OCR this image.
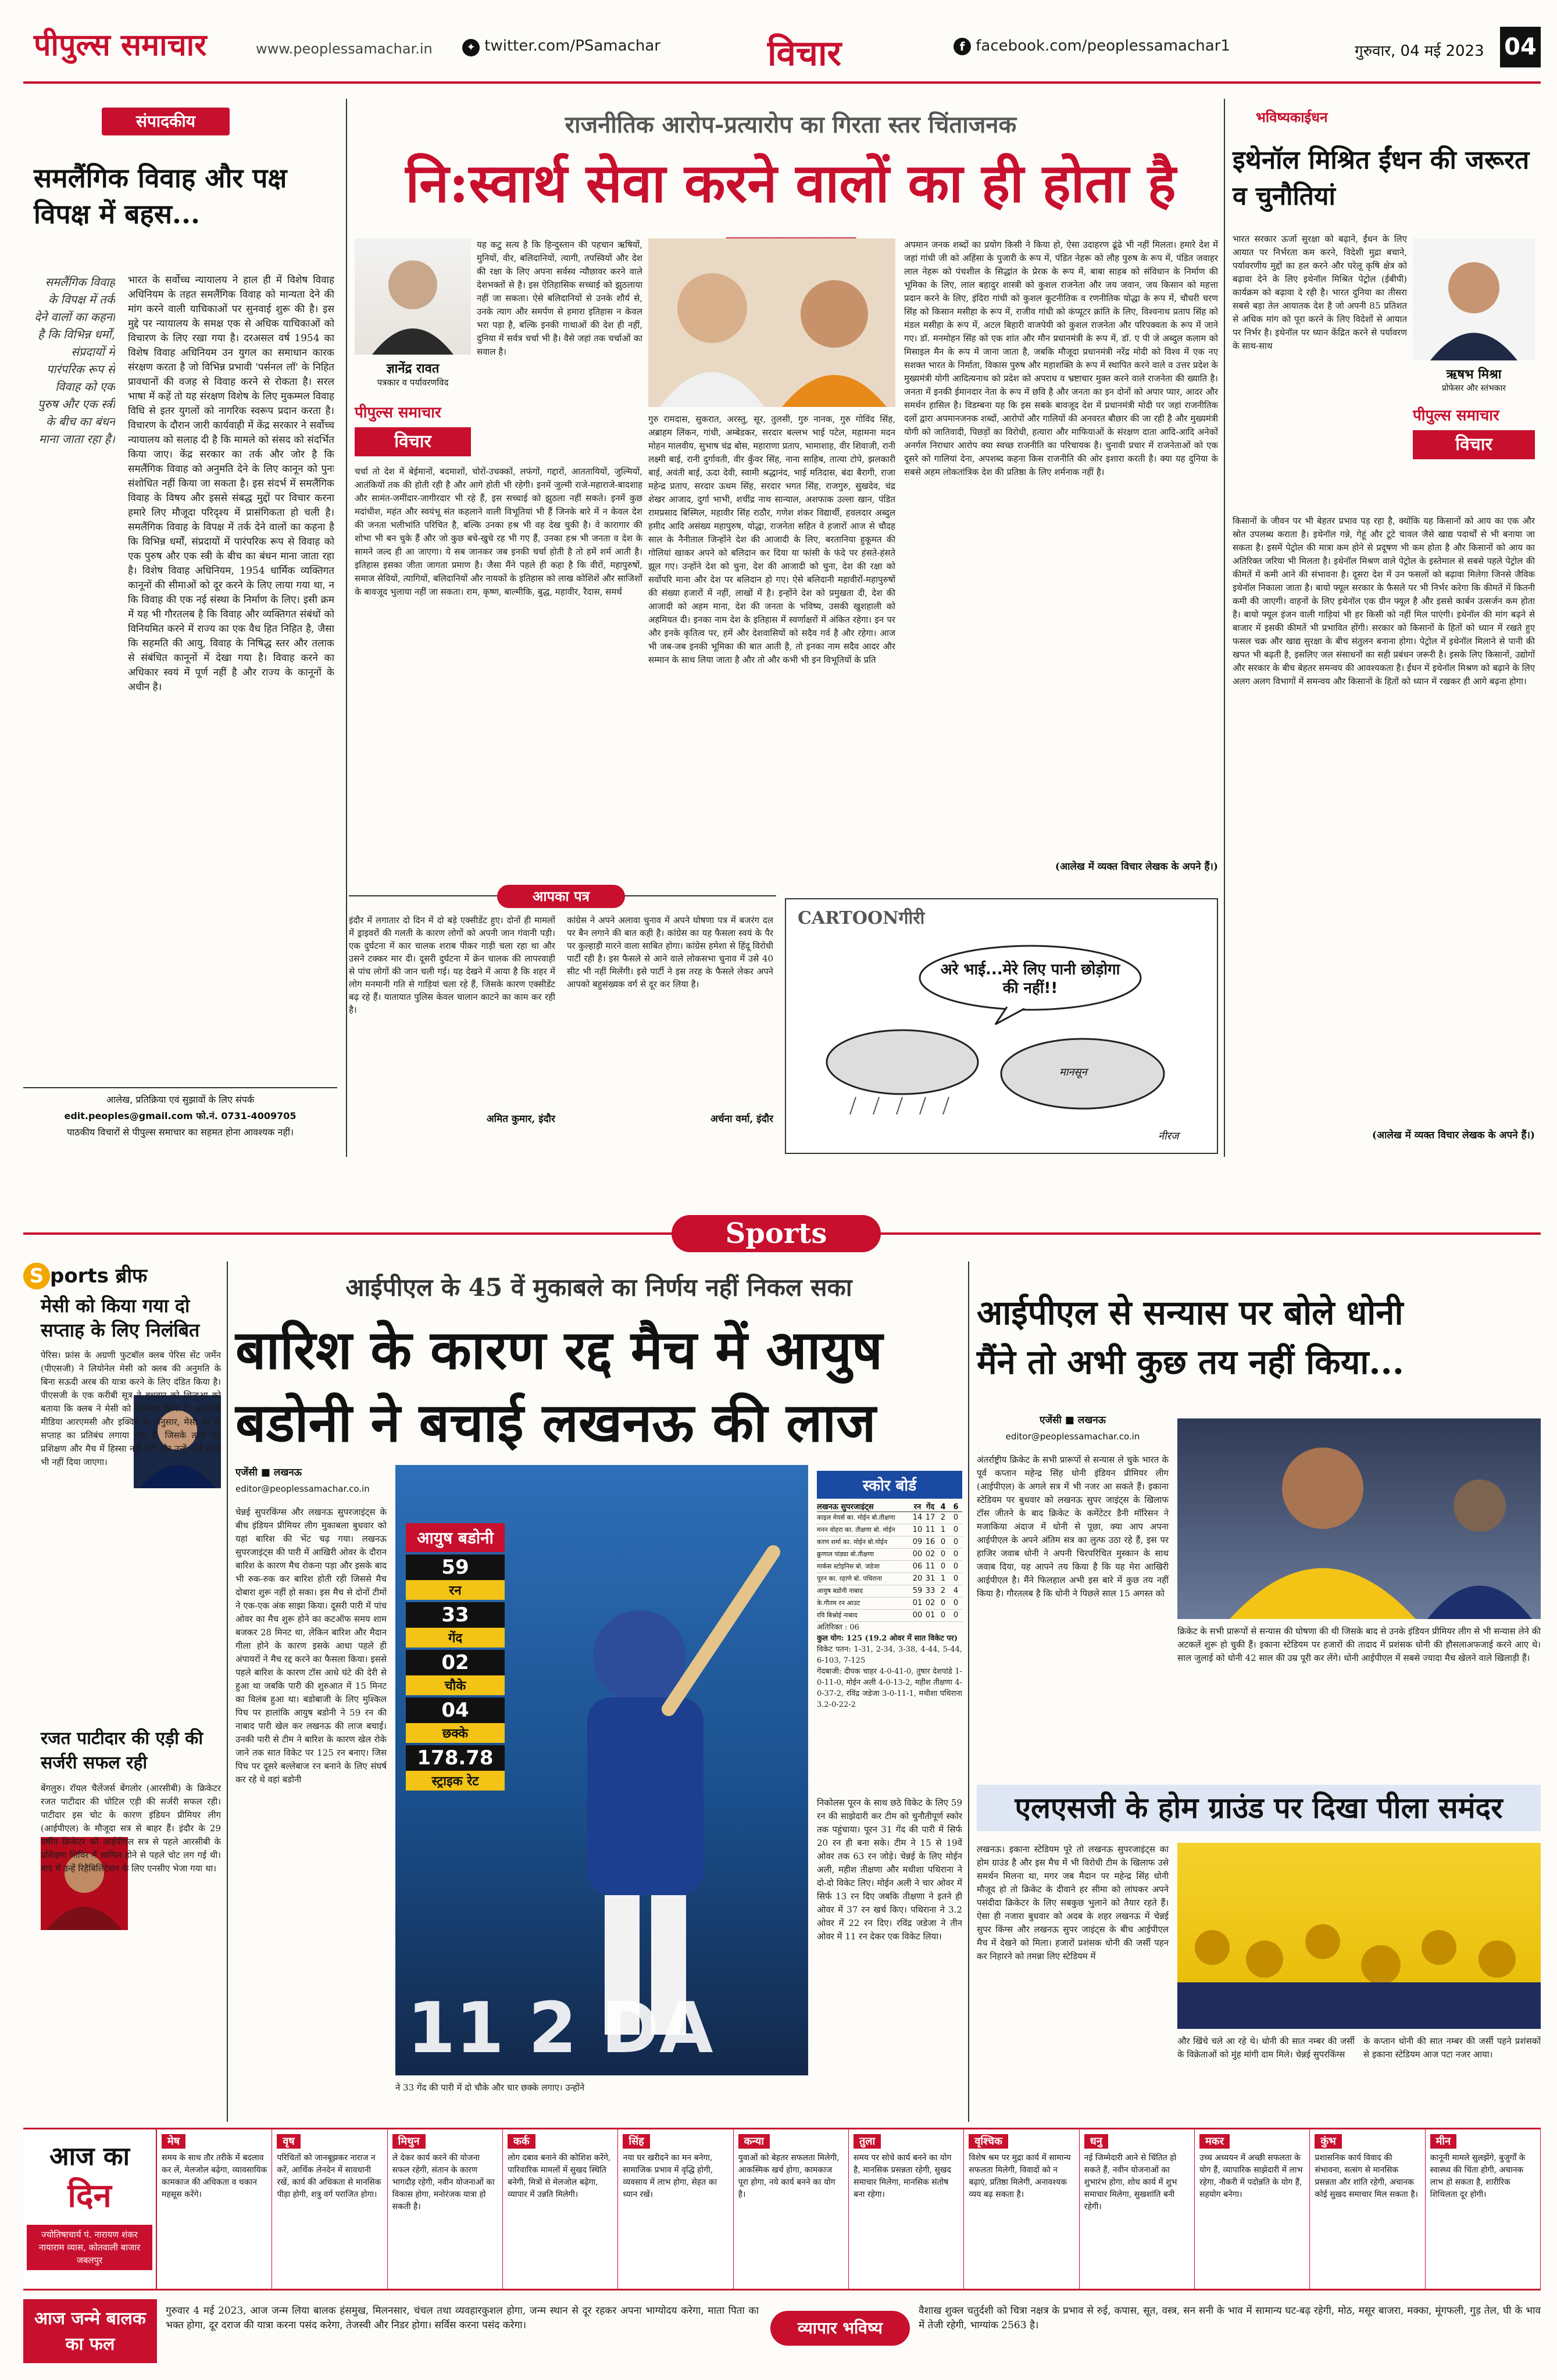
पीपुल्स समाचार	www.peoplessamachar.in	✦ twitter.com/PSamachar	विचार	f facebook.com/peoplessamachar1	गुरुवार, 04 मई 2023 04
संपादकीय
समलैंगिक विवाह और पक्ष विपक्ष में बहस...
समलैंगिक विवाह के विपक्ष में तर्क देने वालों का कहना है कि विभिन्न धर्मों, संप्रदायों में पारंपरिक रूप से विवाह को एक पुरुष और एक स्त्री के बीच का बंधन माना जाता रहा है।
भारत के सर्वोच्च न्यायालय ने हाल ही में विशेष विवाह अधिनियम के तहत समलैंगिक विवाह को मान्यता देने की मांग करने वाली याचिकाओं पर सुनवाई शुरू की है। इस मुद्दे पर न्यायालय के समक्ष एक से अधिक याचिकाओं को विचारण के लिए रखा गया है। दरअसल वर्ष 1954 का विशेष विवाह अधिनियम उन युगल का समाधान कारक संरक्षण करता है जो विभिन्न प्रभावी 'पर्सनल लॉ' के निहित प्रावधानों की वजह से विवाह करने से रोकता है। सरल भाषा में कहें तो यह संरक्षण विशेष के लिए मुकम्मल विवाह विधि से इतर युगलों को नागरिक स्वरूप प्रदान करता है। विचारण के दौरान जारी कार्यवाही में केंद्र सरकार ने सर्वोच्च न्यायालय को सलाह दी है कि मामले को संसद को संदर्भित किया जाए। केंद्र सरकार का तर्क और जोर है कि समलैंगिक विवाह को अनुमति देने के लिए कानून को पुनः संशोधित नहीं किया जा सकता है। इस संदर्भ में समलैंगिक विवाह के विषय और इससे संबद्ध मुद्दों पर विचार करना हमारे लिए मौजूदा परिदृश्य में प्रासंगिकता हो चली है। समलैंगिक विवाह के विपक्ष में तर्क देने वालों का कहना है कि विभिन्न धर्मों, संप्रदायों में पारंपरिक रूप से विवाह को एक पुरुष और एक स्त्री के बीच का बंधन माना जाता रहा है। विशेष विवाह अधिनियम, 1954 धार्मिक व्यक्तिगत कानूनों की सीमाओं को दूर करने के लिए लाया गया था, न कि विवाह की एक नई संस्था के निर्माण के लिए। इसी क्रम में यह भी गौरतलब है कि विवाह और व्यक्तिगत संबंधों को विनियमित करने में राज्य का एक वैध हित निहित है, जैसा कि सहमति की आयु, विवाह के निषिद्ध स्तर और तलाक से संबंधित कानूनों में देखा गया है। विवाह करने का अधिकार स्वयं में पूर्ण नहीं है और राज्य के कानूनों के अधीन है।
आलेख, प्रतिक्रिया एवं सुझावों के लिए संपर्क
edit.peoples@gmail.com फो.नं. 0731-4009705
पाठकीय विचारों से पीपुल्स समाचार का सहमत होना आवश्यक नहीं।
राजनीतिक आरोप-प्रत्यारोप का गिरता स्तर चिंताजनक
नि:स्वार्थ सेवा करने वालों का ही होता है
ज्ञानेंद्र रावत
पत्रकार व पर्यावरणविद
पीपुल्स समाचार
विचार
यह कटु सत्य है कि हिन्दुस्तान की पहचान ऋषियों, मुनियों, वीर, बलिदानियों, त्यागी, तपस्वियों और देश की रक्षा के लिए अपना सर्वस्व न्यौछावर करने वाले देशभक्तों से है। इस ऐतिहासिक सच्चाई को झुठलाया नहीं जा सकता। ऐसे बलिदानियों से उनके शौर्य से, उनके त्याग और समर्पण से हमारा इतिहास न केवल भरा पड़ा है, बल्कि इनकी गाथाओं की देश ही नहीं, दुनिया में सर्वत्र चर्चा भी है। वैसे जहां तक चर्चाओं का सवाल है।
चर्चा तो देश में बेईमानों, बदमाशों, चोरों-उचक्कों, लफंगों, गद्दारों, आततायियों, जुल्मियों, आतंकियों तक की होती रही है और आगे होती भी रहेगी। इनमें जुल्मी राजे-महाराजे-बादशाह और सामंत-जमींदार-जागीरदार भी रहे हैं, इस सच्चाई को झुठला नहीं सकते। इनमें कुछ मदांधीश, महंत और स्वयंभू संत कहलाने वाली विभूतियां भी हैं जिनके बारे में न केवल देश की जनता भलीभांति परिचित है, बल्कि उनका हश्र भी वह देख चुकी है। वे कारागार की शोभा भी बन चुके हैं और जो कुछ बचे-खुचे रह भी गए हैं, उनका हश्र भी जनता व देश के सामने जल्द ही आ जाएगा। ये सब जानकर जब इनकी चर्चा होती है तो हमें शर्म आती है। इतिहास इसका जीता जागता प्रमाण है। जैसा मैंने पहले ही कहा है कि वीरों, महापुरुषों, समाज सेवियों, त्यागियों, बलिदानियों और नायकों के इतिहास को लाख कोशिशें और साजिशों के बावजूद भुलाया नहीं जा सकता। राम, कृष्ण, बाल्मीकि, बुद्ध, महावीर, रैदास, समर्थ
गुरु रामदास, सुकरात, अरस्तु, सूर, तुलसी, गुरु नानक, गुरु गोविंद सिंह, अब्राहम लिंकन, गांधी, अम्बेडकर, सरदार बल्लभ भाई पटेल, महामना मदन मोहन मालवीय, सुभाष चंद्र बोस, महाराणा प्रताप, भामाशाह, वीर शिवाजी, रानी लक्ष्मी बाई, रानी दुर्गावती, वीर कुँवर सिंह, नाना साहिब, तात्या टोपे, झलकारी बाई, अवंती बाई, ऊदा देवी, स्वामी श्रद्धानंद, भाई मतिदास, बंदा बैरागी, राजा महेन्द्र प्रताप, सरदार ऊधम सिंह, सरदार भगत सिंह, राजगुरु, सुखदेव, चंद्र शेखर आजाद, दुर्गा भाभी, शचींद्र नाथ सान्याल, अशफाक उल्ला खान, पंडित रामप्रसाद बिस्मिल, महावीर सिंह राठौर, गणेश शंकर विद्यार्थी, हवलदार अब्दुल हमीद आदि असंख्य महापुरुष, योद्धा, राजनेता सहित वे हजारों आज से चौदह साल के नैनीताल जिन्होंने देश की आजादी के लिए, बरतानिया हुकूमत की गोलियां खाकर अपने को बलिदान कर दिया या फांसी के फंदे पर हंसते-हंसते झूल गए। उन्होंने देश को चुना, देश की आजादी को चुना, देश की रक्षा को सर्वोपरि माना और देश पर बलिदान हो गए। ऐसे बलिदानी महावीरों-महापुरुषों की संख्या हजारों में नहीं, लाखों में है। इन्होंने देश को प्रमुखता दी, देश की आजादी को अहम माना, देश की जनता के भविष्य, उसकी खुशहाली को अहमियत दी। इनका नाम देश के इतिहास में स्वर्णाक्षरों में अंकित रहेगा। इन पर और इनके कृतित्व पर, हमें और देशवासियों को सदैव गर्व है और रहेगा। आज भी जब-जब इनकी भूमिका की बात आती है, तो इनका नाम सदैव आदर और सम्मान के साथ लिया जाता है और तो और कभी भी इन विभूतियों के प्रति
अपमान जनक शब्दों का प्रयोग किसी ने किया हो, ऐसा उदाहरण ढूंढे भी नहीं मिलता। हमारे देश में जहां गांधी जी को अहिंसा के पुजारी के रूप में, पंडित नेहरू को लौह पुरुष के रूप में, पंडित जवाहर लाल नेहरू को पंचशील के सिद्धांत के प्रेरक के रूप में, बाबा साहब को संविधान के निर्माण की भूमिका के लिए, लाल बहादुर शास्त्री को कुशल राजनेता और जय जवान, जय किसान को महत्ता प्रदान करने के लिए, इंदिरा गांधी को कुशल कूटनीतिक व रणनीतिक योद्धा के रूप में, चौधरी चरण सिंह को किसान मसीहा के रूप में, राजीव गांधी को कंप्यूटर क्रांति के लिए, विश्वनाथ प्रताप सिंह को मंडल मसीहा के रूप में, अटल बिहारी वाजपेयी को कुशल राजनेता और परिपक्वता के रूप में जाने गए। डॉ. मनमोहन सिंह को एक शांत और मौन प्रधानमंत्री के रूप में, डॉ. ए पी जे अब्दुल कलाम को मिसाइल मैन के रूप में जाना जाता है, जबकि मौजूदा प्रधानमंत्री नरेंद्र मोदी को विश्व में एक नए सशक्त भारत के निर्माता, विकास पुरुष और महाशक्ति के रूप में स्थापित करने वाले व उत्तर प्रदेश के मुख्यमंत्री योगी आदित्यनाथ को प्रदेश को अपराध व भ्रष्टाचार मुक्त करने वाले राजनेता की ख्याति है। जनता में इनकी ईमानदार नेता के रूप में छवि है और जनता का इन दोनों को अपार प्यार, आदर और समर्थन हासिल है। विडम्बना यह कि इस सबके बावजूद देश में प्रधानमंत्री मोदी पर जहां राजनीतिक दलों द्वारा अपमानजनक शब्दों, आरोपों और गालियों की अनवरत बौछार की जा रही है और मुख्यमंत्री योगी को जातिवादी, पिछड़ों का विरोधी, हत्यारा और माफियाओं के संरक्षण दाता आदि-आदि अनेकों अनर्गल निराधार आरोप क्या स्वच्छ राजनीति का परिचायक है। चुनावी प्रचार में राजनेताओं को एक दूसरे को गालियां देना, अपशब्द कहना किस राजनीति की ओर इशारा करती है। क्या यह दुनिया के सबसे अहम लोकतांत्रिक देश की प्रतिष्ठा के लिए शर्मनाक नहीं है।
(आलेख में व्यक्त विचार लेखक के अपने हैं।)
भविष्यकाईधन
इथेनॉल मिश्रित ईंधन की जरूरत व चुनौतियां
भारत सरकार ऊर्जा सुरक्षा को बढ़ाने, ईंधन के लिए आयात पर निर्भरता कम करने, विदेशी मुद्रा बचाने, पर्यावरणीय मुद्दों का हल करने और घरेलू कृषि क्षेत्र को बढ़ावा देने के लिए इथेनॉल मिश्रित पेट्रोल (ईबीपी) कार्यक्रम को बढ़ावा दे रही है। भारत दुनिया का तीसरा सबसे बड़ा तेल आयातक देश है जो अपनी 85 प्रतिशत से अधिक मांग को पूरा करने के लिए विदेशों से आयात पर निर्भर है। इथेनॉल पर ध्यान केंद्रित करने से पर्यावरण के साथ-साथ
ऋषभ मिश्रा
प्रोफेसर और स्तंभकार
पीपुल्स समाचार
विचार
किसानों के जीवन पर भी बेहतर प्रभाव पड़ रहा है, क्योंकि यह किसानों को आय का एक और स्रोत उपलब्ध कराता है। इथेनॉल गन्ने, गेहूं और टूटे चावल जैसे खाद्य पदार्थों से भी बनाया जा सकता है। इसमें पेट्रोल की मात्रा कम होने से प्रदूषण भी कम होता है और किसानों को आय का अतिरिक्त जरिया भी मिलता है। इथेनॉल मिश्रण वाले पेट्रोल के इस्तेमाल से सबसे पहले पेट्रोल की कीमतें में कमी आने की संभावना है। दूसरा देश में उन फसलों को बढ़ावा मिलेगा जिनसे जैविक इथेनॉल निकाला जाता है। बायो फ्यूल सरकार के फैसले पर भी निर्भर करेगा कि कीमतें में कितनी कमी की जाएगी। वाहनों के लिए इथेनॉल एक ग्रीन फ्यूल है और इससे कार्बन उत्सर्जन कम होता है। बायो फ्यूल इंजन वाली गाड़ियां भी हर किसी को नहीं मिल पाएंगी। इथेनॉल की मांग बढ़ने से बाजार में इसकी कीमतें भी प्रभावित होंगी। सरकार को किसानों के हितों को ध्यान में रखते हुए फसल चक्र और खाद्य सुरक्षा के बीच संतुलन बनाना होगा। पेट्रोल में इथेनॉल मिलाने से पानी की खपत भी बढ़ती है, इसलिए जल संसाधनों का सही प्रबंधन जरूरी है। इसके लिए किसानों, उद्योगों और सरकार के बीच बेहतर समन्वय की आवश्यकता है। ईंधन में इथेनॉल मिश्रण को बढ़ाने के लिए अलग अलग विभागों में समन्वय और किसानों के हितों को ध्यान में रखकर ही आगे बढ़ना होगा।
(आलेख में व्यक्त विचार लेखक के अपने हैं।)
आपका पत्र
इंदौर में लगातार दो दिन में दो बड़े एक्सीडेंट हुए। दोनों ही मामलों में ड्राइवरों की गलती के कारण लोगों को अपनी जान गंवानी पड़ी। एक दुर्घटना में कार चालक शराब पीकर गाड़ी चला रहा था और उसने टक्कर मार दी। दूसरी दुर्घटना में क्रेन चालक की लापरवाही से पांच लोगों की जान चली गई। यह देखने में आया है कि शहर में लोग मनमानी गति से गाड़ियां चला रहे हैं, जिसके कारण एक्सीडेंट बढ़ रहे हैं। यातायात पुलिस केवल चालान काटने का काम कर रही है।
अमित कुमार, इंदौर
कांग्रेस ने अपने अलावा चुनाव में अपने घोषणा पत्र में बजरंग दल पर बैन लगाने की बात कही है। कांग्रेस का यह फैसला स्वयं के पैर पर कुल्हाड़ी मारने वाला साबित होगा। कांग्रेस हमेशा से हिंदू विरोधी पार्टी रही है। इस फैसले से आने वाले लोकसभा चुनाव में उसे 40 सीट भी नहीं मिलेंगी। इसे पार्टी ने इस तरह के फैसले लेकर अपने आपको बहुसंख्यक वर्ग से दूर कर लिया है।
अर्चना वर्मा, इंदौर
CARTOONगीरी
अरे भाई...मेरे लिए पानी छोड़ोगा की नहीं!!
मानसून
नीरज
Sports
S ports ब्रीफ
मेसी को किया गया दो सप्ताह के लिए निलंबित
पेरिस। फ्रांस के अग्रणी फुटबॉल क्लब पेरिस सेंट जर्मेन (पीएसजी) ने लियोनेल मेसी को क्लब की अनुमति के बिना सऊदी अरब की यात्रा करने के लिए दंडित किया है। पीएसजी के एक करीबी सूत्र ने बुधवार को शिन्हुआ को बताया कि क्लब ने मेसी को निलंबित किया है। फ्रांसीसी मीडिया आरएमसी और इक्विप के अनुसार, मेसी पर दो सप्ताह का प्रतिबंध लगाया गया है, जिसके तहत वह प्रशिक्षण और मैच में हिस्सा नहीं लेंगे और उन्हें कोई वेतन भी नहीं दिया जाएगा।
रजत पाटीदार की एड़ी की सर्जरी सफल रही
बेंगलुरु। रॉयल चैलेंजर्स बेंगलोर (आरसीबी) के क्रिकेटर रजत पाटीदार की चोटिल एड़ी की सर्जरी सफल रही। पाटीदार इस चोट के कारण इंडियन प्रीमियर लीग (आईपीएल) के मौजूदा सत्र से बाहर हैं। इंदौर के 29 वर्षीय क्रिकेटर को आईपीएल सत्र से पहले आरसीबी के प्रशिक्षण शिविर में शामिल होने से पहले चोट लग गई थी। बाद में उन्हें रिहैबिलिटेशन के लिए एनसीए भेजा गया था।
आईपीएल के 45 वें मुकाबले का निर्णय नहीं निकल सका
बारिश के कारण रद्द मैच में आयुष बडोनी ने बचाई लखनऊ की लाज
एजेंसी ■ लखनऊ
editor@peoplessamachar.co.in
चेन्नई सुपरकिंग्स और लखनऊ सुपरजाइंट्स के बीच इंडियन प्रीमियर लीग मुकाबला बुधवार को यहां बारिश की भेंट चढ़ गया। लखनऊ सुपरजाइंट्स की पारी में आखिरी ओवर के दौरान बारिश के कारण मैच रोकना पड़ा और इसके बाद भी रुक-रुक कर बारिश होती रही जिससे मैच दोबारा शुरू नहीं हो सका। इस मैच से दोनों टीमों ने एक-एक अंक साझा किया। दूसरी पारी में पांच ओवर का मैच शुरू होने का कटऑफ समय शाम बजकर 28 मिनट था, लेकिन बारिश और मैदान गीला होने के कारण इसके आधा पहले ही अंपायरों ने मैच रद्द करने का फैसला किया। इससे पहले बारिश के कारण टॉस आधे घंटे की देरी से हुआ था जबकि पारी की शुरुआत में 15 मिनट का विलंब हुआ था। बडोबाजी के लिए मुश्किल पिच पर हालांकि आयुष बडोनी ने 59 रन की नाबाद पारी खेल कर लखनऊ की लाज बचाई। उनकी पारी से टीम ने बारिश के कारण खेल रोके जाने तक सात विकेट पर 125 रन बनाए। जिस पिच पर दूसरे बल्लेबाज रन बनाने के लिए संघर्ष कर रहे थे वहां बडोनी
11 2 DA
आयुष बडोनी
59
रन
33
गेंद
02
चौके
04
छक्के
178.78
स्ट्राइक रेट
ने 33 गेंद की पारी में दो चौके और चार छक्के लगाए। उन्होंने
स्कोर बोर्ड
लखनऊ सुपरजाइंट्स	रन गेंद 4 6
काइल मेयर्स का. मोईन बो.तीक्षणा	14 17 2	0
मनन वोहरा का. तीक्षणा बो. मोईन	10 11 1	0
करण शर्मा का. मोईन बो.मोईन	09 16 0	0
क्रुणाल पांड्या बो.तीक्षणा	00 02 0	0
मार्कस स्टोइनिस बो. जडेजा	06 11 0	0
पूरन का. रहाणे बो. पथिराना	20 31 1	0
आयुष बडोनी नाबाद	59 33 2	4
के.गौतम रन आउट	01 02 0	0
रवि बिश्नोई नाबाद	00 01 0	0
अतिरिक्त : 06
कुल योग: 125 (19.2 ओवर में सात विकेट पर)
विकेट पतन: 1-31, 2-34, 3-38, 4-44, 5-44, 6-103, 7-125
गेंदबाजी: दीपक चाहर 4-0-41-0, तुषार देशपांडे 1-0-11-0, मोईन अली 4-0-13-2, महीश तीक्षणा 4-0-37-2, रविंद्र जडेजा 3-0-11-1, मथीशा पथिराना 3.2-0-22-2
निकोलस पूरन के साथ छठे विकेट के लिए 59 रन की साझेदारी कर टीम को चुनौतीपूर्ण स्कोर तक पहुंचाया। पूरन 31 गेंद की पारी में सिर्फ 20 रन ही बना सके। टीम ने 15 से 19वें ओवर तक 63 रन जोड़े। चेन्नई के लिए मोईन अली, महीश तीक्षणा और मथीशा पथिराना ने दो-दो विकेट लिए। मोईन अली ने चार ओवर में सिर्फ 13 रन दिए जबकि तीक्षणा ने इतने ही ओवर में 37 रन खर्च किए। पथिराना ने 3.2 ओवर में 22 रन दिए। रविंद्र जडेजा ने तीन ओवर में 11 रन देकर एक विकेट लिया।
आईपीएल से सन्यास पर बोले धोनी
मैंने तो अभी कुछ तय नहीं किया...
एजेंसी ■ लखनऊ
editor@peoplessamachar.co.in
अंतर्राष्ट्रीय क्रिकेट के सभी प्रारूपों से सन्यास ले चुके भारत के पूर्व कप्तान महेन्द्र सिंह धोनी इंडियन प्रीमियर लीग (आईपीएल) के अगले सत्र में भी नजर आ सकते हैं। इकाना स्टेडियम पर बुधवार को लखनऊ सुपर जाइंट्स के खिलाफ टॉस जीतने के बाद क्रिकेट के कमेंटेटर डैनी मॉरिसन ने मजाकिया अंदाज में धोनी से पूछा, क्या आप अपना आईपीएल के अपने अंतिम सत्र का लुत्फ उठा रहे हैं, इस पर हाजिर जवाब धोनी ने अपनी चिरपरिचित मुस्कान के साथ जवाब दिया, यह आपने तय किया है कि यह मेरा आखिरी आईपीएल है। मैंने फिलहाल अभी इस बारे में कुछ तय नहीं किया है। गौरतलब है कि धोनी ने पिछले साल 15 अगस्त को
क्रिकेट के सभी प्रारूपों से सन्यास की घोषणा की थी जिसके बाद से उनके इंडियन प्रीमियर लीग से भी सन्यास लेने की अटकलें शुरू हो चुकी हैं। इकाना स्टेडियम पर हजारों की तादाद में प्रशंसक धोनी की हौसलाअफजाई करने आए थे। साल जुलाई को धोनी 42 साल की उम्र पूरी कर लेंगे। धोनी आईपीएल में सबसे ज्यादा मैच खेलने वाले खिलाड़ी हैं।
एलएसजी के होम ग्राउंड पर दिखा पीला समंदर
लखनऊ। इकाना स्टेडियम पूरे तो लखनऊ सुपरजाइंट्स का होम ग्राउंड है और इस मैच में भी विरोधी टीम के खिलाफ उसे समर्थन मिलना था, मगर जब मैदान पर महेन्द्र सिंह धोनी मौजूद हो तो क्रिकेट के दीवाने हर सीमा को लांघकर अपने पसंदीदा क्रिकेटर के लिए सबकुछ भुलाने को तैयार रहते हैं। ऐसा ही नजारा बुधवार को अदब के शहर लखनऊ में चेन्नई सुपर किंग्स और लखनऊ सुपर जाइंट्स के बीच आईपीएल मैच में देखने को मिला। हजारों प्रशंसक धोनी की जर्सी पहन कर निहारने को तमन्ना लिए स्टेडियम में
और खिंचे चले आ रहे थे। धोनी की सात नम्बर की जर्सी के विक्रेताओं को मुंह मांगी दाम मिले। चेन्नई सुपरकिंग्स
के कप्तान धोनी की सात नम्बर की जर्सी पहने प्रशंसकों से इकाना स्टेडियम आज पटा नजर आया।
आज का
दिन
ज्योतिषाचार्य पं. नारायण शंकर नायाराम व्यास, कोतवाली बाजार जबलपुर
मेष
समय के साथ तौर तरीके में बदलाव कर लें, मेलजोल बढ़ेगा, व्यावसायिक कामकाज की अधिकता व थकान महसूस करेंगे।
वृष
परिचितों को जानबूझकर नाराज न करें, आर्थिक लेनदेन में सावधानी रखें, कार्य की अधिकता से मानसिक पीड़ा होगी, शत्रु वर्ग पराजित होगा।
मिथुन
ले देकर कार्य करने की योजना सफल रहेगी, संतान के कारण भागदौड़ रहेगी, नवीन योजनाओं का विकास होगा, मनोरंजक यात्रा हो सकती है।
कर्क
लोग दबाव बनाने की कोशिश करेंगे, पारिवारिक मामलों में सुखद स्थिति बनेगी, मित्रों से मेलजोल बढ़ेगा, व्यापार में उन्नति मिलेगी।
सिंह
नया घर खरीदने का मन बनेगा, सामाजिक प्रभाव में वृद्धि होगी, व्यवसाय में लाभ होगा, सेहत का ध्यान रखें।
कन्या
युवाओं को बेहतर सफलता मिलेगी, आकस्मिक खर्च होगा, कामकाज पूरा होगा, नये कार्य बनने का योग है।
तुला
समय पर सोचे कार्य बनने का योग है, मानसिक प्रसन्नता रहेगी, सुखद समाचार मिलेगा, मानसिक संतोष बना रहेगा।
वृश्चिक
विशेष श्रम पर मुद्रा कार्य में सामान्य सफलता मिलेगी, विवादों को न बढ़ाएं, प्रतिष्ठा मिलेगी, अनावश्यक व्यय बढ़ सकता है।
धनु
नई जिम्मेदारी आने से चिंतित हो सकते हैं, नवीन योजनाओं का शुभारंभ होगा, शोध कार्य में शुभ समाचार मिलेगा, सुखशांति बनी रहेगी।
मकर
उच्च अध्ययन में अच्छी सफलता के योग हैं, व्यापारिक साझेदारी में लाभ रहेगा, नौकरी में पदोन्नति के योग हैं, सहयोग बनेगा।
कुंभ
प्रशासनिक कार्य विवाद की संभावना, सत्संग से मानसिक प्रसन्नता और शांति रहेगी, अचानक कोई सुखद समाचार मिल सकता है।
मीन
कानूनी मामले सुलझेंगे, बुजुर्गों के स्वास्थ्य की चिंता होगी, अचानक लाभ हो सकता है, शारीरिक शिथिलता दूर होगी।
आज जन्मे बालक का फल
गुरुवार 4 मई 2023, आज जन्म लिया बालक हंसमुख, मिलनसार, चंचल तथा व्यवहारकुशल होगा, जन्म स्थान से दूर रहकर अपना भाग्योदय करेगा, माता पिता का भक्त होगा, दूर दराज की यात्रा करना पसंद करेगा, तेजस्वी और निडर होगा। सर्विस करना पसंद करेगा।	व्यापार भविष्य
वैशाख शुक्ल चतुर्दशी को चित्रा नक्षत्र के प्रभाव से रुई, कपास, सूत, वस्त्र, सन सनी के भाव में सामान्य घट-बढ़ रहेगी, मोठ, मसूर बाजरा, मक्का, मूंगफली, गुड़ तेल, घी के भाव में तेजी रहेगी, भाग्यांक 2563 है।
